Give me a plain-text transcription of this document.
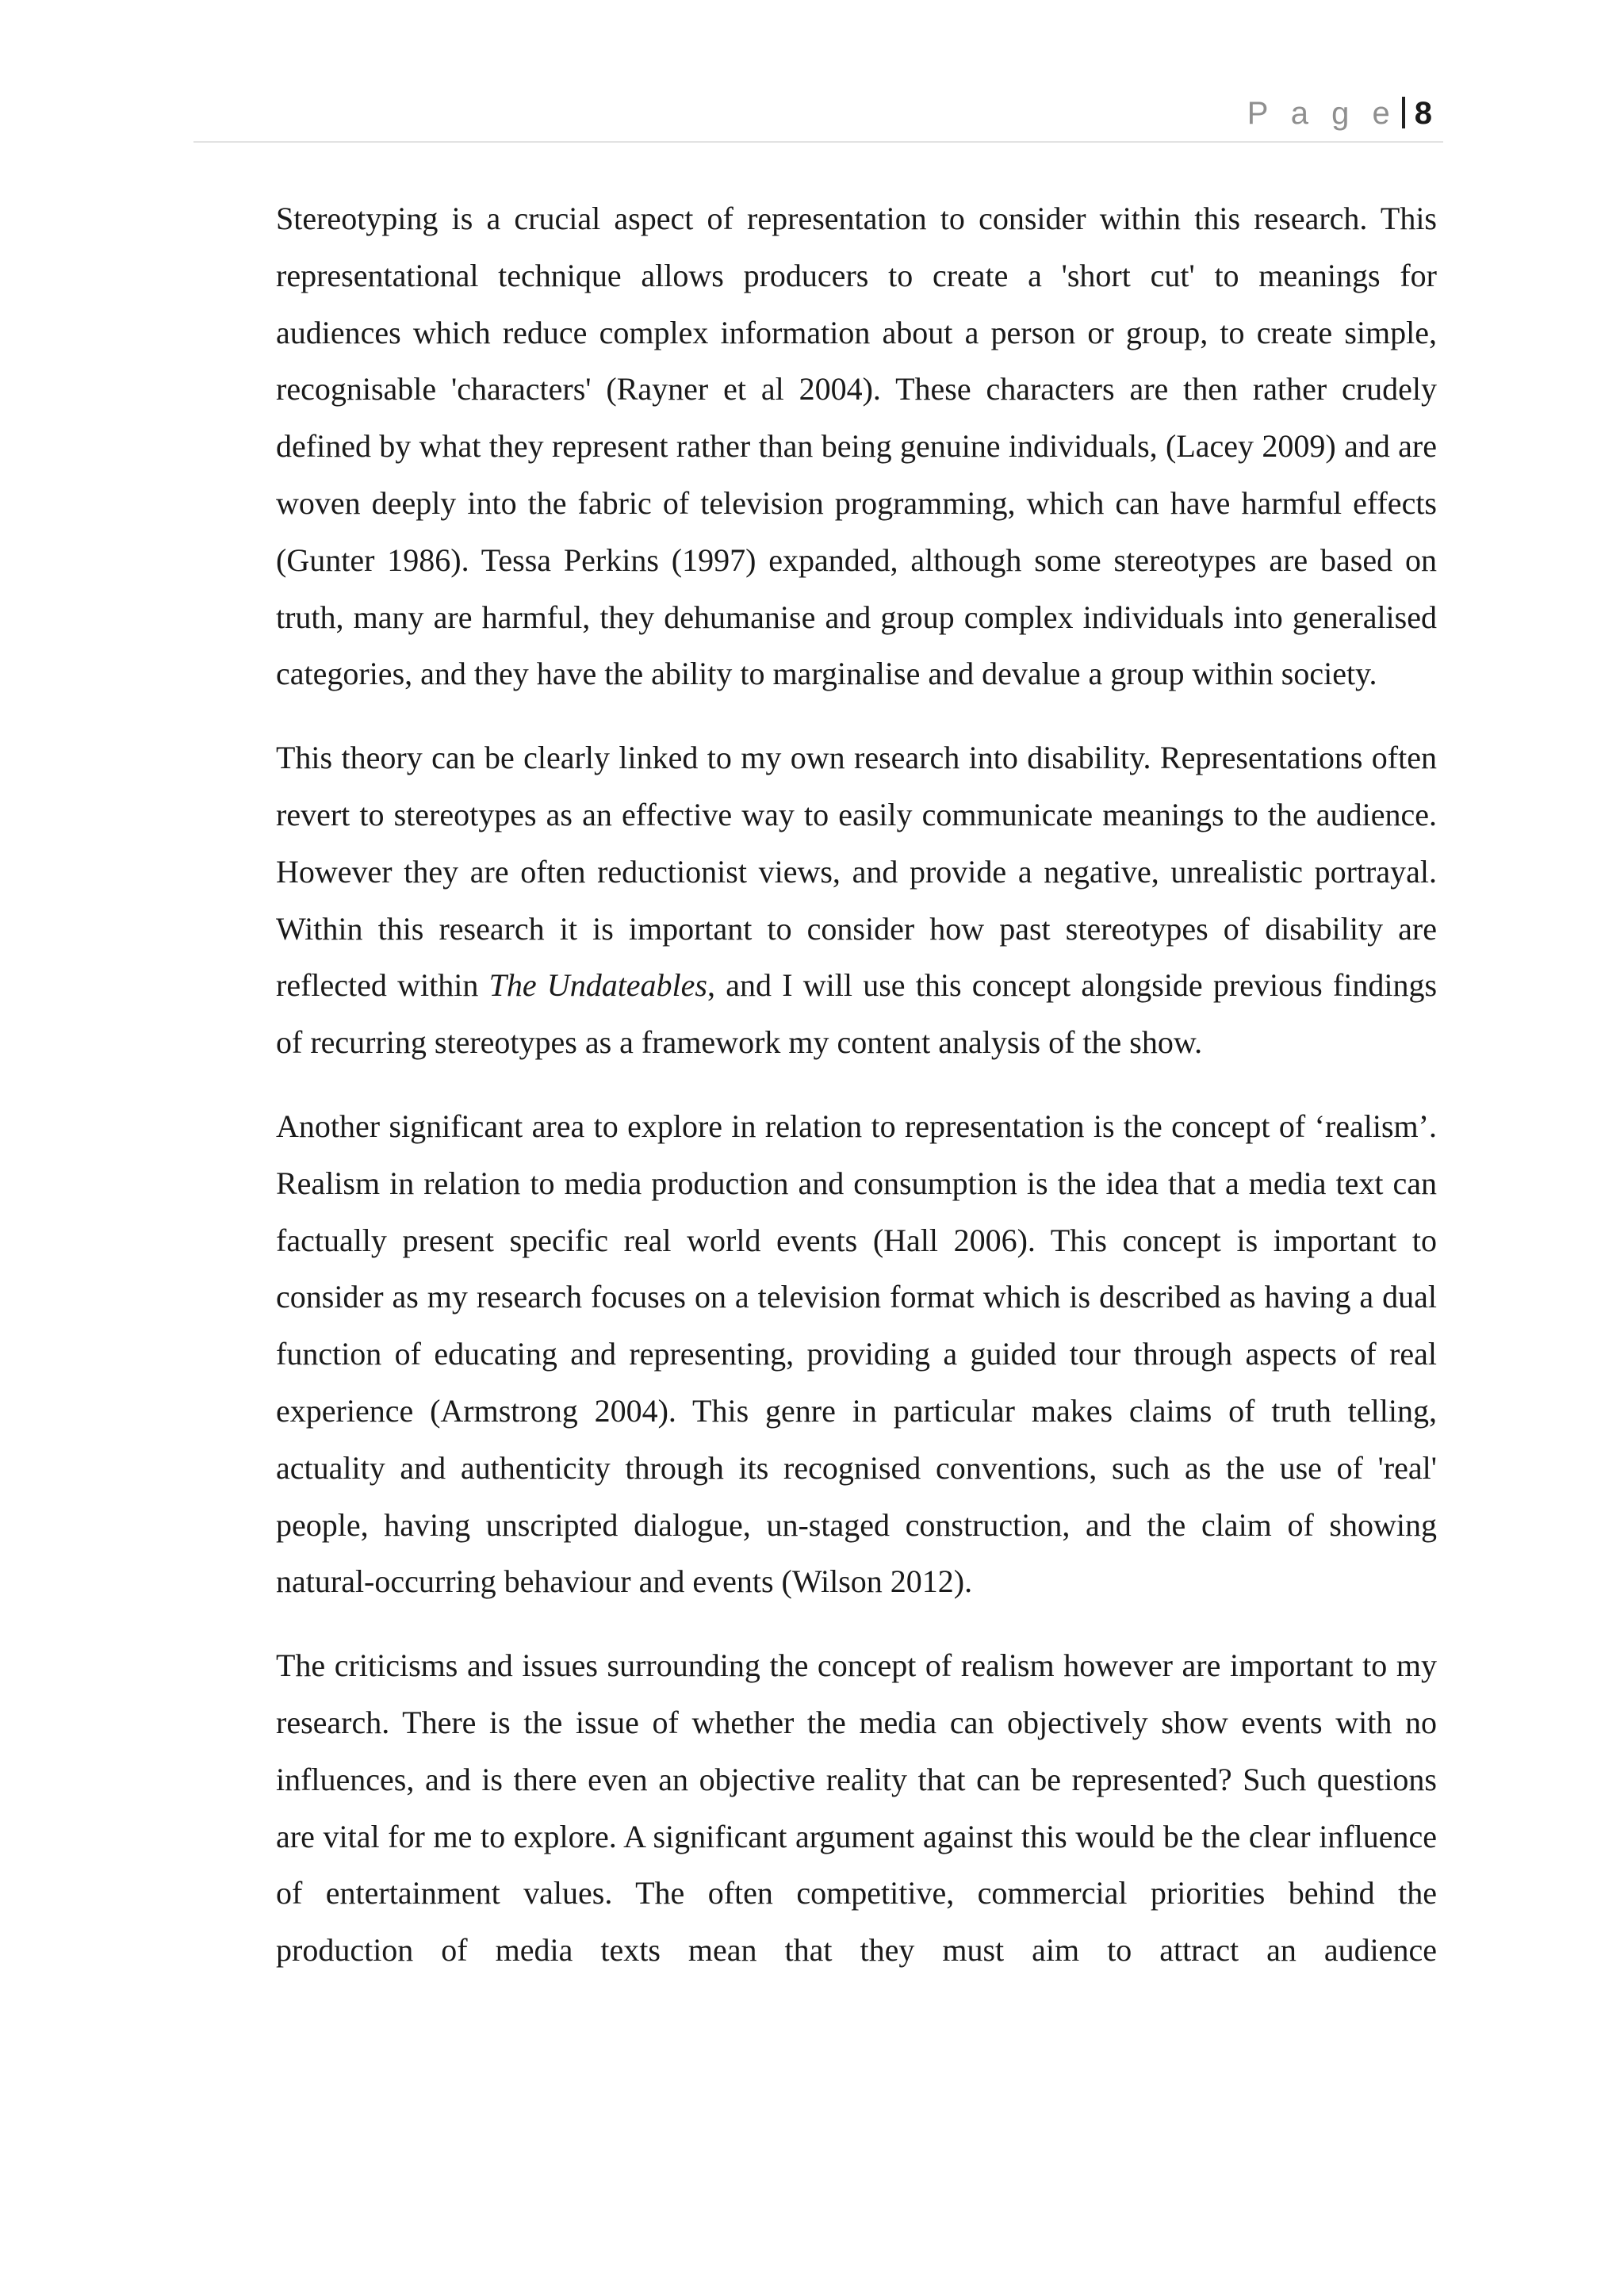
P a g e 8

Stereotyping is a crucial aspect of representation to consider within this research. This representational technique allows producers to create a 'short cut' to meanings for audiences which reduce complex information about a person or group, to create simple, recognisable 'characters' (Rayner et al 2004). These characters are then rather crudely defined by what they represent rather than being genuine individuals, (Lacey 2009) and are woven deeply into the fabric of television programming, which can have harmful effects (Gunter 1986). Tessa Perkins (1997) expanded, although some stereotypes are based on truth, many are harmful, they dehumanise and group complex individuals into generalised categories, and they have the ability to marginalise and devalue a group within society.

This theory can be clearly linked to my own research into disability. Representations often revert to stereotypes as an effective way to easily communicate meanings to the audience. However they are often reductionist views, and provide a negative, unrealistic portrayal. Within this research it is important to consider how past stereotypes of disability are reflected within The Undateables, and I will use this concept alongside previous findings of recurring stereotypes as a framework my content analysis of the show.

Another significant area to explore in relation to representation is the concept of ‘realism’. Realism in relation to media production and consumption is the idea that a media text can factually present specific real world events (Hall 2006). This concept is important to consider as my research focuses on a television format which is described as having a dual function of educating and representing, providing a guided tour through aspects of real experience (Armstrong 2004). This genre in particular makes claims of truth telling, actuality and authenticity through its recognised conventions, such as the use of 'real' people, having unscripted dialogue, un-staged construction, and the claim of showing natural-occurring behaviour and events (Wilson 2012).

The criticisms and issues surrounding the concept of realism however are important to my research. There is the issue of whether the media can objectively show events with no influences, and is there even an objective reality that can be represented? Such questions are vital for me to explore. A significant argument against this would be the clear influence of entertainment values. The often competitive, commercial priorities behind the production of media texts mean that they must aim to attract an audience
